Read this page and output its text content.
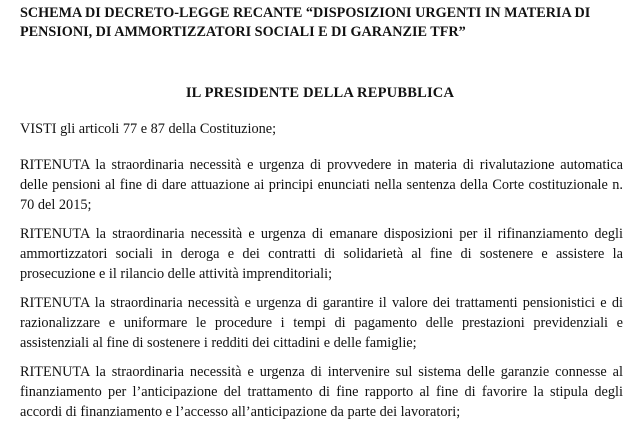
SCHEMA DI DECRETO-LEGGE RECANTE “DISPOSIZIONI URGENTI IN MATERIA DI PENSIONI, DI AMMORTIZZATORI SOCIALI E DI GARANZIE TFR”
IL PRESIDENTE DELLA REPUBBLICA

VISTI gli articoli 77 e 87 della Costituzione;

RITENUTA la straordinaria necessità e urgenza di provvedere in materia di rivalutazione automatica delle pensioni al fine di dare attuazione ai principi enunciati nella sentenza della Corte costituzionale n. 70 del 2015;

RITENUTA la straordinaria necessità e urgenza di emanare disposizioni per il rifinanziamento degli ammortizzatori sociali in deroga e dei contratti di solidarietà al fine di sostenere e assistere la prosecuzione e il rilancio delle attività imprenditoriali;

RITENUTA la straordinaria necessità e urgenza di garantire il valore dei trattamenti pensionistici e di razionalizzare e uniformare le procedure i tempi di pagamento delle prestazioni previdenziali e assistenziali al fine di sostenere i redditi dei cittadini e delle famiglie;

RITENUTA la straordinaria necessità e urgenza di intervenire sul sistema delle garanzie connesse al finanziamento per l’anticipazione del trattamento di fine rapporto al fine di favorire la stipula degli accordi di finanziamento e l’accesso all’anticipazione da parte dei lavoratori;
